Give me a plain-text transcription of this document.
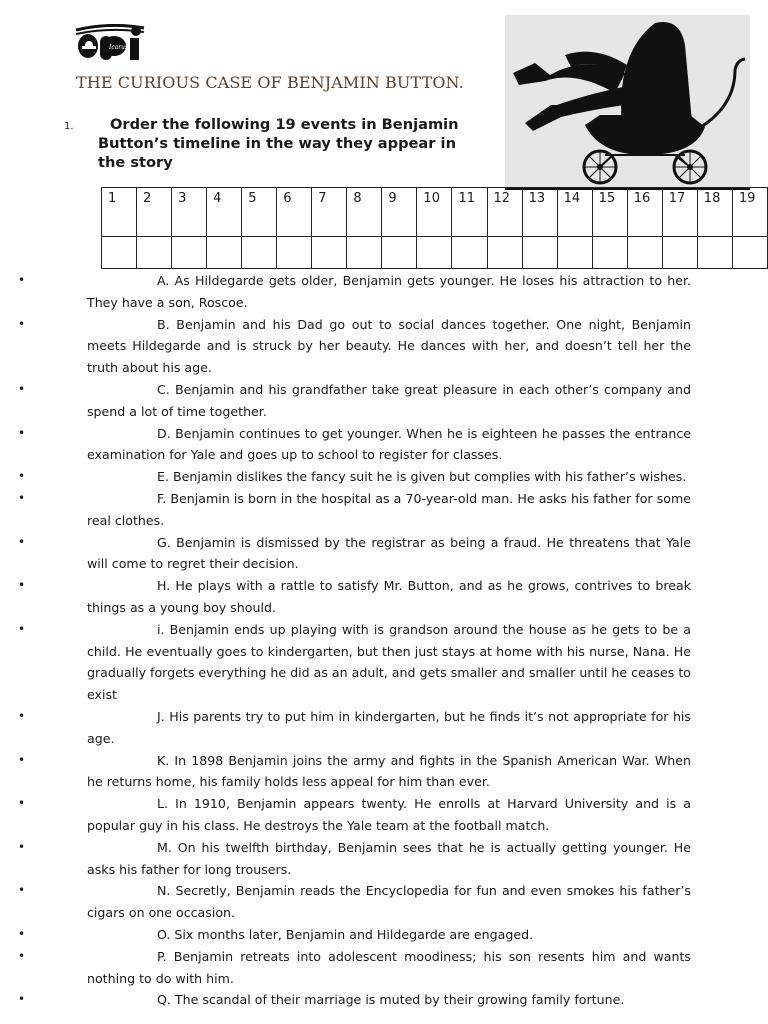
Icarus
THE CURIOUS CASE OF BENJAMIN BUTTON.
1.	Order the following 19 events in Benjamin
Button’s timeline in the way they appear in
the story
1	2	3	4	5	6	7	8	9	10	11	12	13	14	15	16	17	18	19

•	A. As Hildegarde gets older, Benjamin gets younger. He loses his attraction to her. They have a son, Roscoe.
•	B. Benjamin and his Dad go out to social dances together. One night, Benjamin meets Hildegarde and is struck by her beauty. He dances with her, and doesn’t tell her the truth about his age.
•	C. Benjamin and his grandfather take great pleasure in each other’s company and spend a lot of time together.
•	D. Benjamin continues to get younger. When he is eighteen he passes the entrance examination for Yale and goes up to school to register for classes.
•	E. Benjamin dislikes the fancy suit he is given but complies with his father’s wishes.
•	F. Benjamin is born in the hospital as a 70-year-old man. He asks his father for some real clothes.
•	G. Benjamin is dismissed by the registrar as being a fraud. He threatens that Yale will come to regret their decision.
•	H. He plays with a rattle to satisfy Mr. Button, and as he grows, contrives to break things as a young boy should.
•	i. Benjamin ends up playing with is grandson around the house as he gets to be a child. He eventually goes to kindergarten, but then just stays at home with his nurse, Nana. He gradually forgets everything he did as an adult, and gets smaller and smaller until he ceases to exist
•	J. His parents try to put him in kindergarten, but he finds it’s not appropriate for his age.
•	K. In 1898 Benjamin joins the army and fights in the Spanish American War. When he returns home, his family holds less appeal for him than ever.
•	L. In 1910, Benjamin appears twenty. He enrolls at Harvard University and is a popular guy in his class. He destroys the Yale team at the football match.
•	M. On his twelfth birthday, Benjamin sees that he is actually getting younger. He asks his father for long trousers.
•	N. Secretly, Benjamin reads the Encyclopedia for fun and even smokes his father’s cigars on one occasion.
•	O. Six months later, Benjamin and Hildegarde are engaged.
•	P. Benjamin retreats into adolescent moodiness; his son resents him and wants nothing to do with him.
•	Q. The scandal of their marriage is muted by their growing family fortune.
